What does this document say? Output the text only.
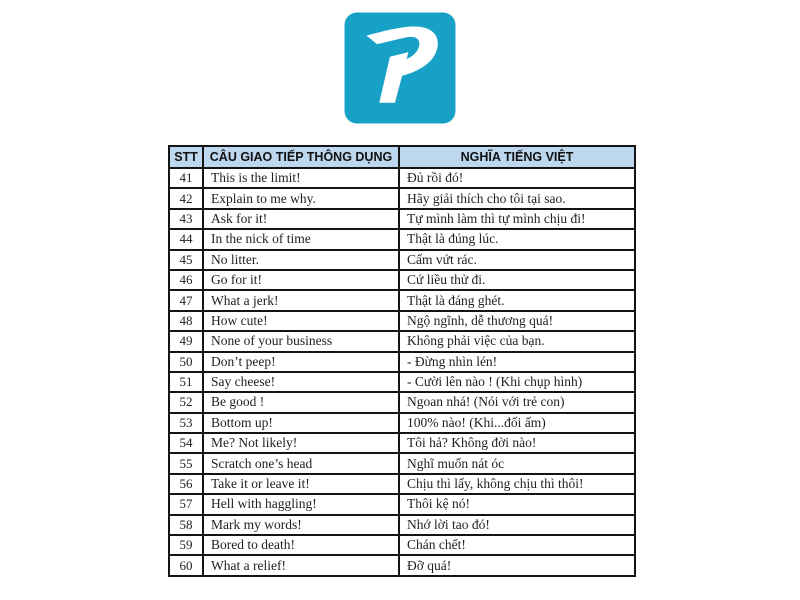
STT	CÂU GIAO TIẾP THÔNG DỤNG	NGHĨA TIẾNG VIỆT
41	This is the limit!	Đủ rồi đó!
42	Explain to me why.	Hãy giải thích cho tôi tại sao.
43	Ask for it!	Tự mình làm thì tự mình chịu đi!
44	In the nick of time	Thật là đúng lúc.
45	No litter.	Cấm vứt rác.
46	Go for it!	Cứ liều thử đi.
47	What a jerk!	Thật là đáng ghét.
48	How cute!	Ngộ ngĩnh, dễ thương quá!
49	None of your business	Không phải việc của bạn.
50	Don’t peep!	- Đừng nhìn lén!
51	Say cheese!	- Cười lên nào ! (Khi chụp hình)
52	Be good !	Ngoan nhá! (Nói với trẻ con)
53	Bottom up!	100% nào! (Khi...đối ấm)
54	Me? Not likely!	Tôi hả? Không đời nào!
55	Scratch one’s head	Nghĩ muốn nát óc
56	Take it or leave it!	Chịu thì lấy, không chịu thì thôi!
57	Hell with haggling!	Thôi kệ nó!
58	Mark my words!	Nhớ lời tao đó!
59	Bored to death!	Chán chết!
60	What a relief!	Đỡ quá!
